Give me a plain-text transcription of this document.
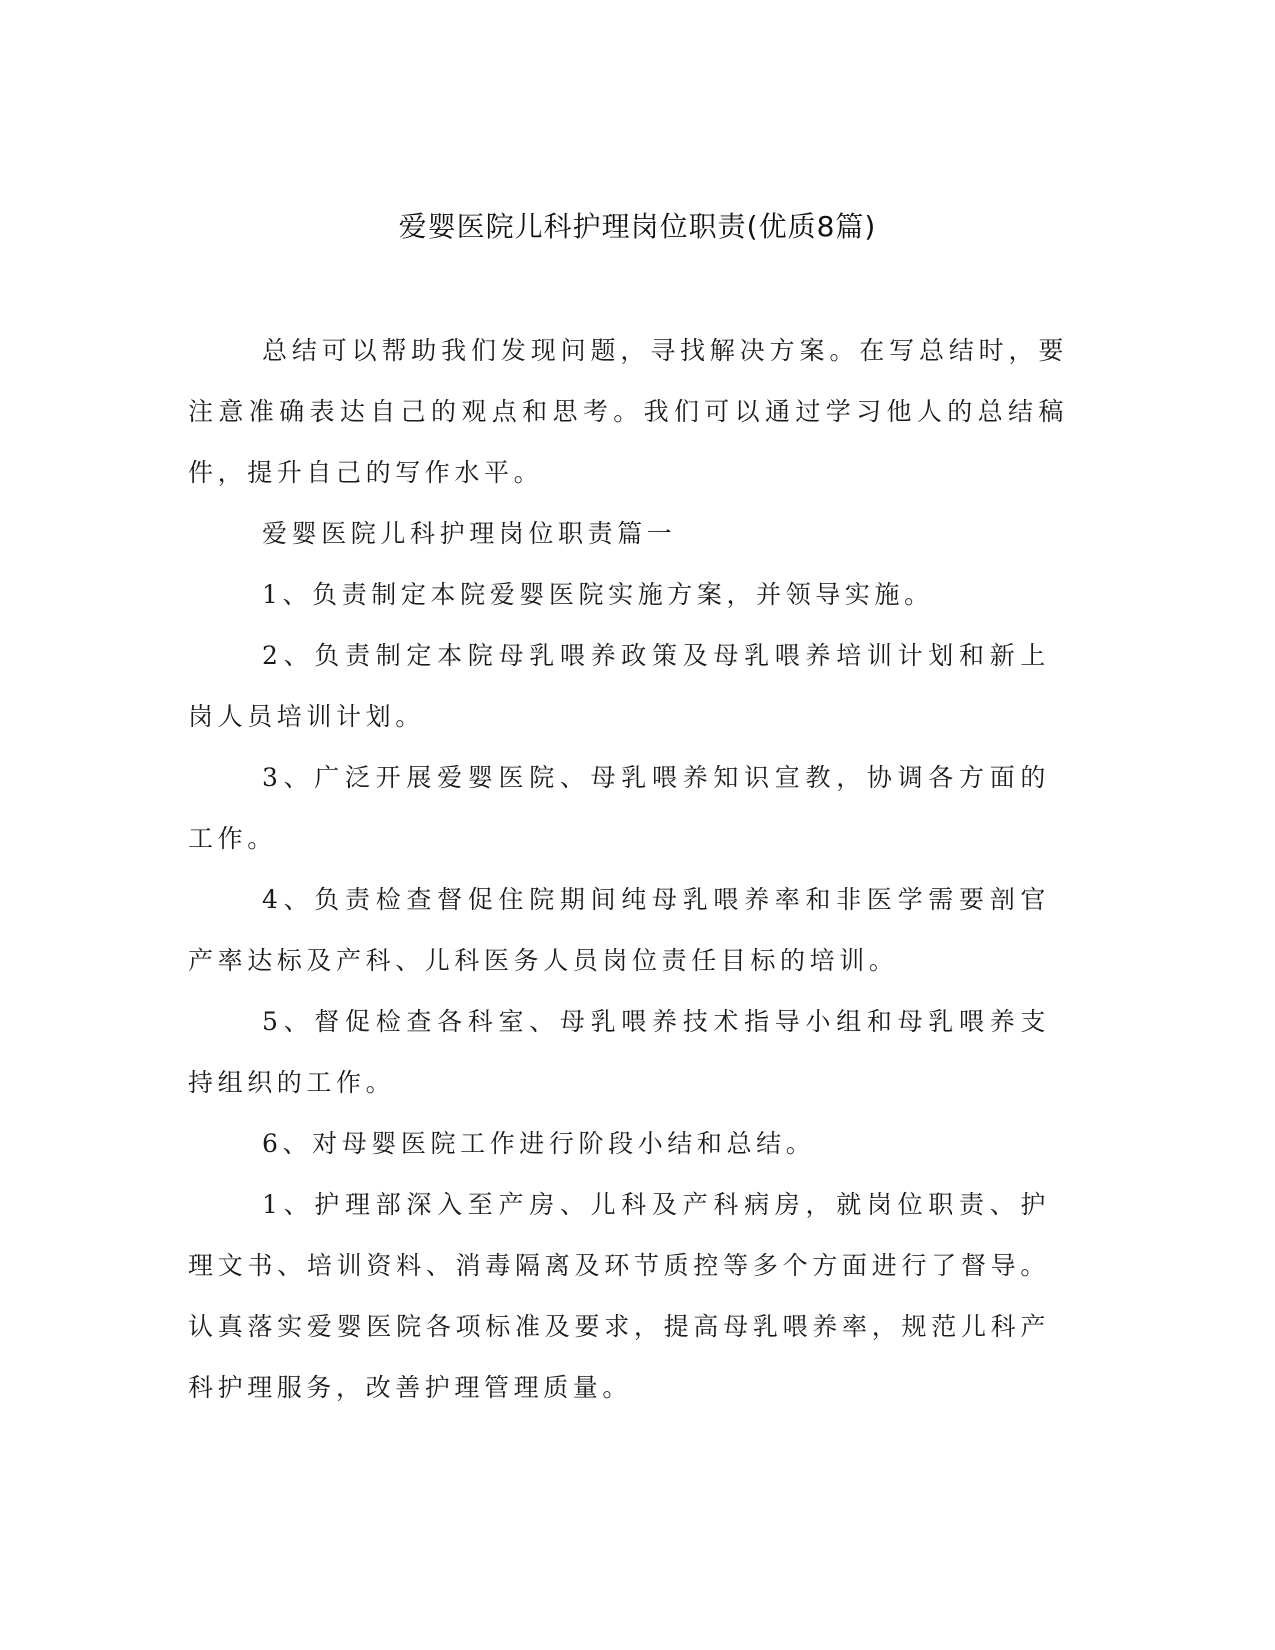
爱婴医院儿科护理岗位职责(优质8篇)

总结可以帮助我们发现问题，寻找解决方案。在写总结时，要注意准确表达自己的观点和思考。我们可以通过学习他人的总结稿件，提升自己的写作水平。

爱婴医院儿科护理岗位职责篇一

1、负责制定本院爱婴医院实施方案，并领导实施。

2、负责制定本院母乳喂养政策及母乳喂养培训计划和新上岗人员培训计划。

3、广泛开展爱婴医院、母乳喂养知识宣教，协调各方面的工作。

4、负责检查督促住院期间纯母乳喂养率和非医学需要剖官产率达标及产科、儿科医务人员岗位责任目标的培训。

5、督促检查各科室、母乳喂养技术指导小组和母乳喂养支持组织的工作。

6、对母婴医院工作进行阶段小结和总结。

1、护理部深入至产房、儿科及产科病房，就岗位职责、护理文书、培训资料、消毒隔离及环节质控等多个方面进行了督导。认真落实爱婴医院各项标准及要求，提高母乳喂养率，规范儿科产科护理服务，改善护理管理质量。
